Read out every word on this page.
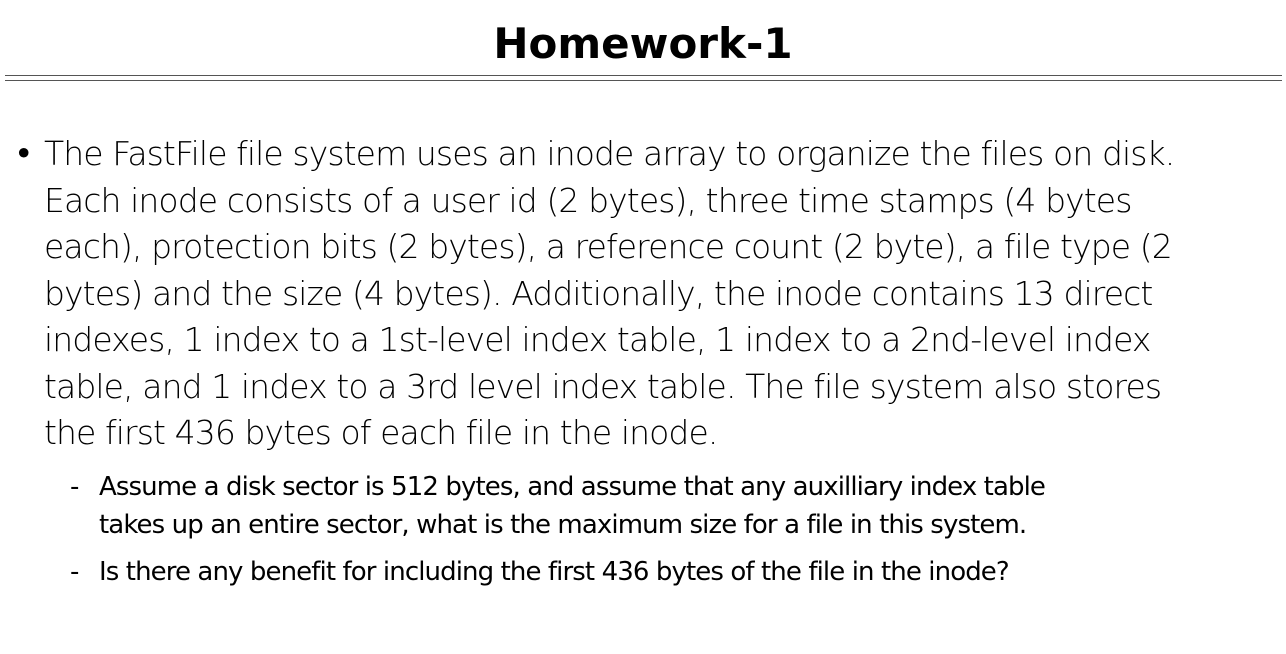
Homework-1
• The FastFile file system uses an inode array to organize the files on disk.
Each inode consists of a user id (2 bytes), three time stamps (4 bytes
each), protection bits (2 bytes), a reference count (2 byte), a file type (2
bytes) and the size (4 bytes). Additionally, the inode contains 13 direct
indexes, 1 index to a 1st-level index table, 1 index to a 2nd-level index
table, and 1 index to a 3rd level index table. The file system also stores
the first 436 bytes of each file in the inode.
- Assume a disk sector is 512 bytes, and assume that any auxilliary index table
takes up an entire sector, what is the maximum size for a file in this system.
- Is there any benefit for including the first 436 bytes of the file in the inode?
